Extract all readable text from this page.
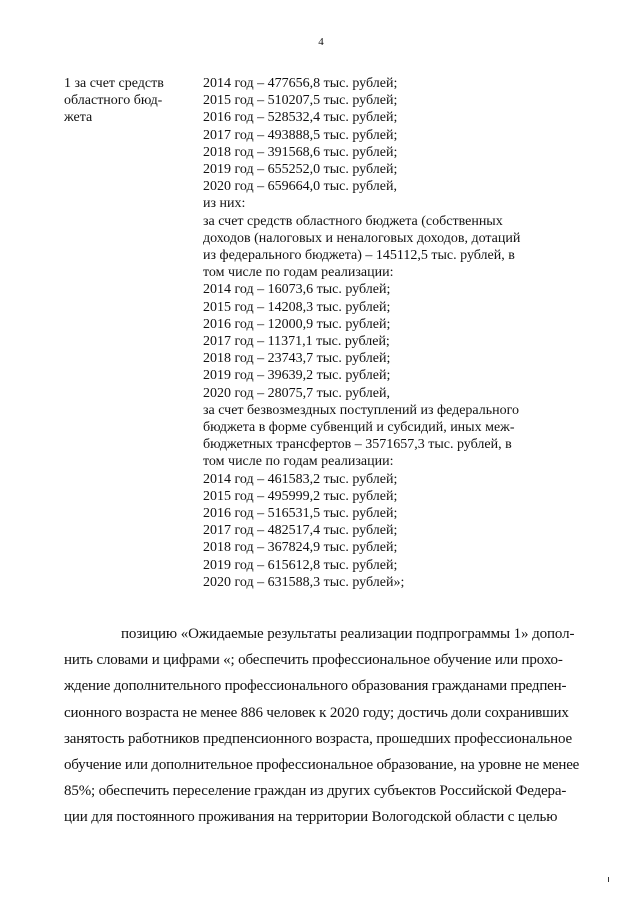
4
1 за счет средств
областного бюд-
жета
2014 год – 477656,8 тыс. рублей;
2015 год – 510207,5 тыс. рублей;
2016 год – 528532,4 тыс. рублей;
2017 год – 493888,5 тыс. рублей;
2018 год – 391568,6 тыс. рублей;
2019 год – 655252,0 тыс. рублей;
2020 год – 659664,0 тыс. рублей,
из них:
за счет средств областного бюджета (собственных
доходов (налоговых и неналоговых доходов, дотаций
из федерального бюджета) – 145112,5 тыс. рублей, в
том числе по годам реализации:
2014 год – 16073,6 тыс. рублей;
2015 год – 14208,3 тыс. рублей;
2016 год – 12000,9 тыс. рублей;
2017 год – 11371,1 тыс. рублей;
2018 год – 23743,7 тыс. рублей;
2019 год – 39639,2 тыс. рублей;
2020 год – 28075,7 тыс. рублей,
за счет безвозмездных поступлений из федерального
бюджета в форме субвенций и субсидий, иных меж-
бюджетных трансфертов – 3571657,3 тыс. рублей, в
том числе по годам реализации:
2014 год – 461583,2 тыс. рублей;
2015 год – 495999,2 тыс. рублей;
2016 год – 516531,5 тыс. рублей;
2017 год – 482517,4 тыс. рублей;
2018 год – 367824,9 тыс. рублей;
2019 год – 615612,8 тыс. рублей;
2020 год – 631588,3 тыс. рублей»;
позицию «Ожидаемые результаты реализации подпрограммы 1» допол-
нить словами и цифрами «; обеспечить профессиональное обучение или прохо-
ждение дополнительного профессионального образования гражданами предпен-
сионного возраста не менее 886 человек к 2020 году; достичь доли сохранивших
занятость работников предпенсионного возраста, прошедших профессиональное
обучение или дополнительное профессиональное образование, на уровне не менее
85%; обеспечить переселение граждан из других субъектов Российской Федера-
ции для постоянного проживания на территории Вологодской области с целью
